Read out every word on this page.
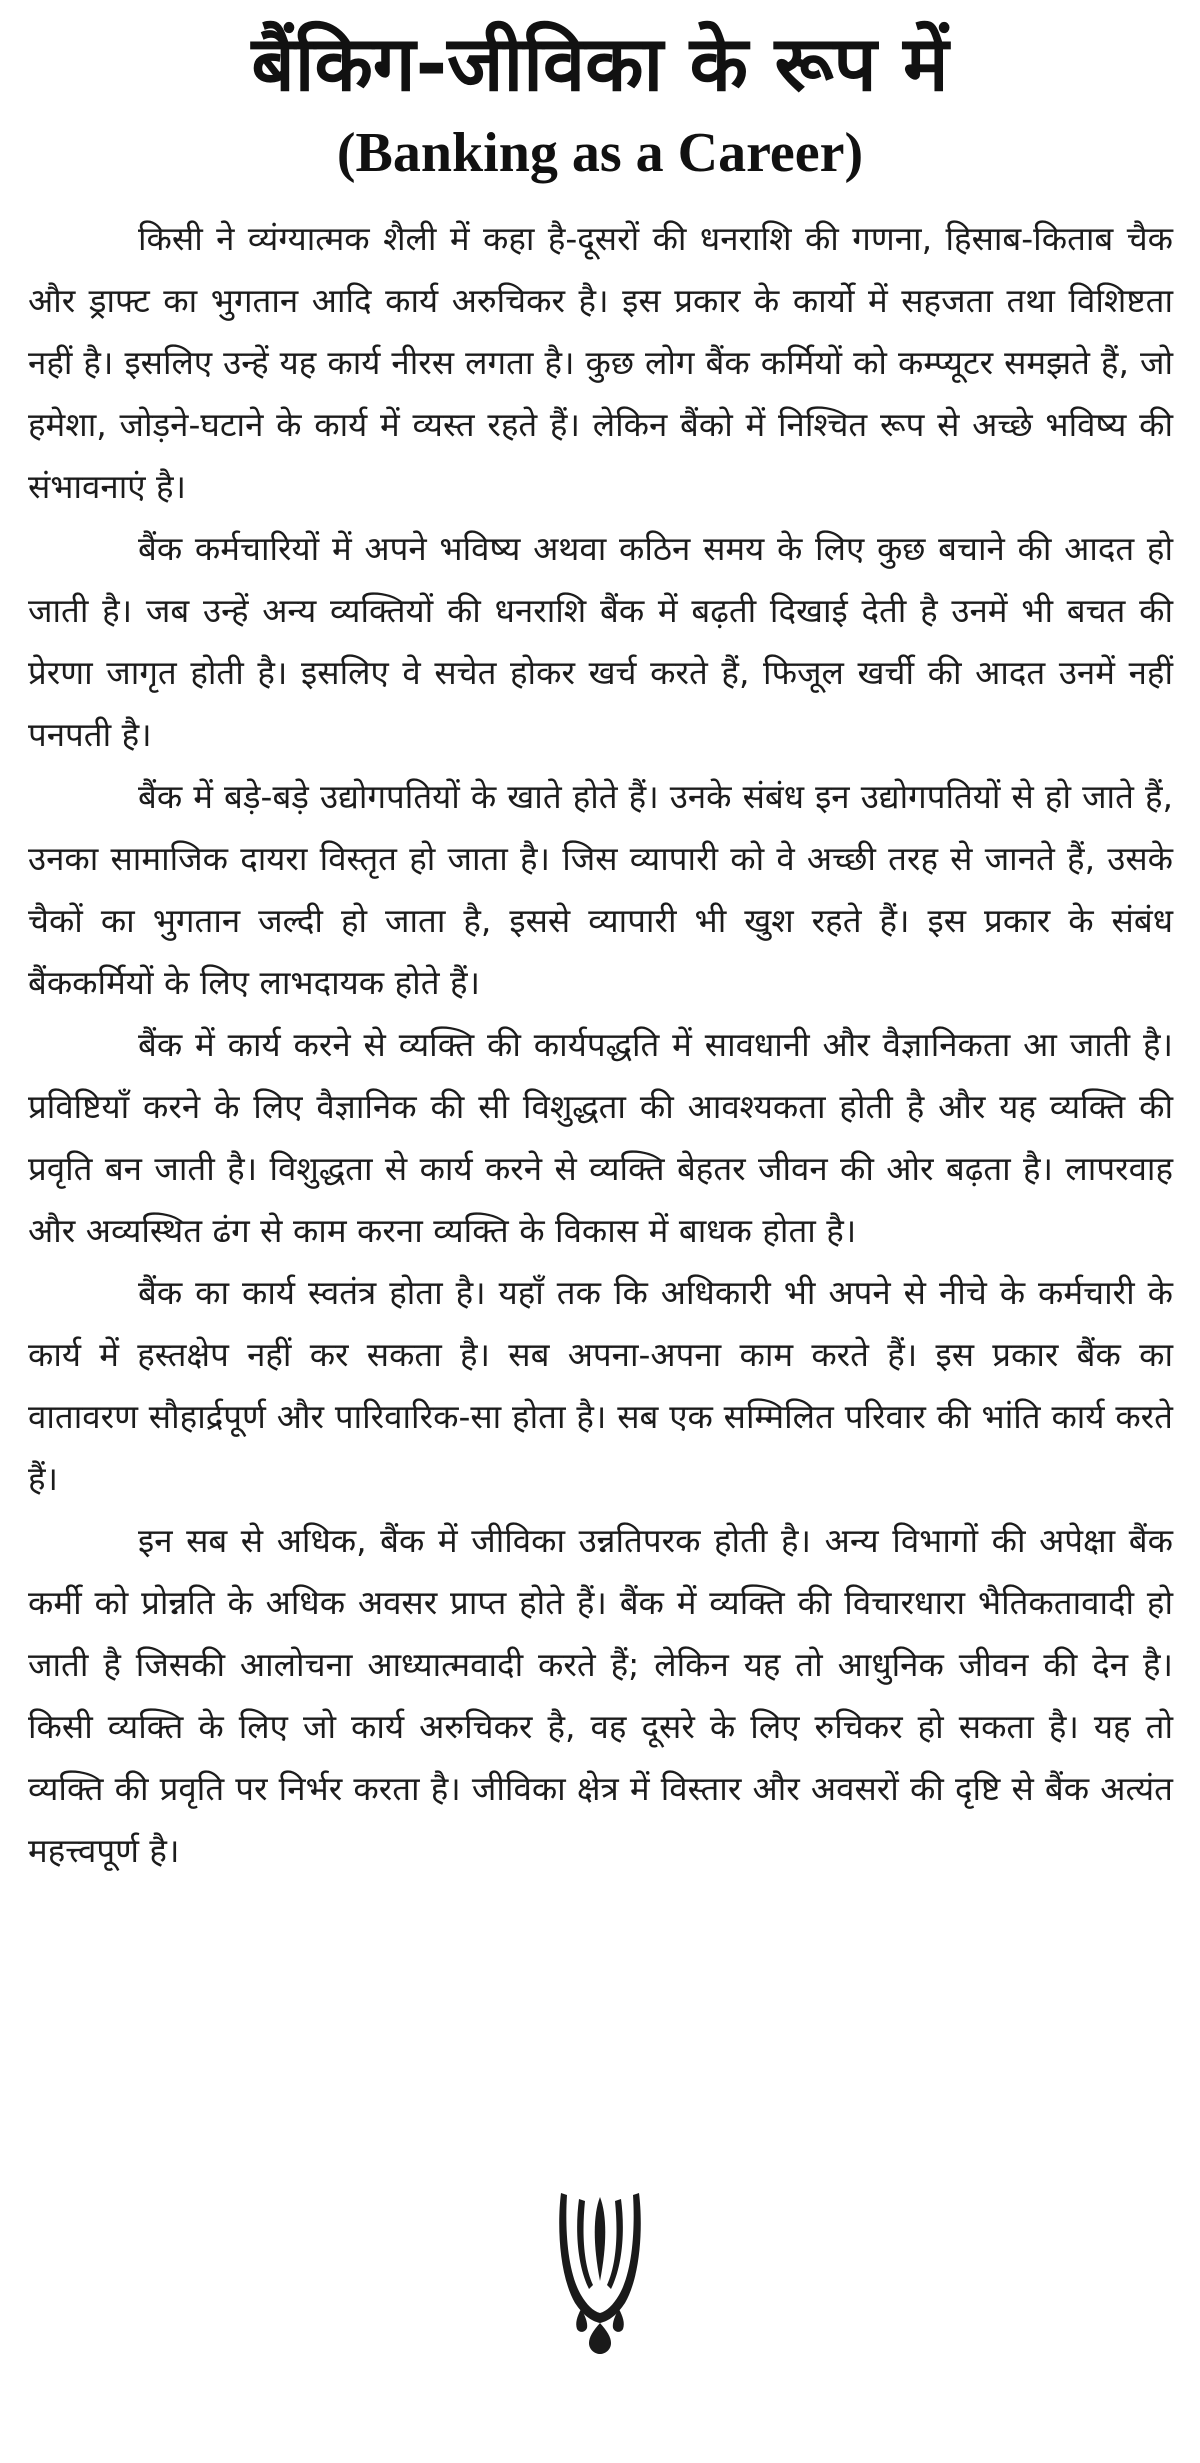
बैंकिग-जीविका के रूप में
(Banking as a Career)

किसी ने व्यंग्यात्मक शैली में कहा है-दूसरों की धनराशि की गणना, हिसाब-किताब चैक और ड्राफ्ट का भुगतान आदि कार्य अरुचिकर है। इस प्रकार के कार्यो में सहजता तथा विशिष्टता नहीं है। इसलिए उन्हें यह कार्य नीरस लगता है। कुछ लोग बैंक कर्मियों को कम्प्यूटर समझते हैं, जो हमेशा, जोड़ने-घटाने के कार्य में व्यस्त रहते हैं। लेकिन बैंको में निश्चित रूप से अच्छे भविष्य की संभावनाएं है।

बैंक कर्मचारियों में अपने भविष्य अथवा कठिन समय के लिए कुछ बचाने की आदत हो जाती है। जब उन्हें अन्य व्यक्तियों की धनराशि बैंक में बढ़ती दिखाई देती है उनमें भी बचत की प्रेरणा जागृत होती है। इसलिए वे सचेत होकर खर्च करते हैं, फिजूल खर्ची की आदत उनमें नहीं पनपती है।

बैंक में बड़े-बड़े उद्योगपतियों के खाते होते हैं। उनके संबंध इन उद्योगपतियों से हो जाते हैं, उनका सामाजिक दायरा विस्तृत हो जाता है। जिस व्यापारी को वे अच्छी तरह से जानते हैं, उसके चैकों का भुगतान जल्दी हो जाता है, इससे व्यापारी भी खुश रहते हैं। इस प्रकार के संबंध बैंककर्मियों के लिए लाभदायक होते हैं।

बैंक में कार्य करने से व्यक्ति की कार्यपद्धति में सावधानी और वैज्ञानिकता आ जाती है। प्रविष्टियाँ करने के लिए वैज्ञानिक की सी विशुद्धता की आवश्यकता होती है और यह व्यक्ति की प्रवृति बन जाती है। विशुद्धता से कार्य करने से व्यक्ति बेहतर जीवन की ओर बढ़ता है। लापरवाह और अव्यस्थित ढंग से काम करना व्यक्ति के विकास में बाधक होता है।

बैंक का कार्य स्वतंत्र होता है। यहाँ तक कि अधिकारी भी अपने से नीचे के कर्मचारी के कार्य में हस्तक्षेप नहीं कर सकता है। सब अपना-अपना काम करते हैं। इस प्रकार बैंक का वातावरण सौहार्द्रपूर्ण और पारिवारिक-सा होता है। सब एक सम्मिलित परिवार की भांति कार्य करते हैं।

इन सब से अधिक, बैंक में जीविका उन्नतिपरक होती है। अन्य विभागों की अपेक्षा बैंक कर्मी को प्रोन्नति के अधिक अवसर प्राप्त होते हैं। बैंक में व्यक्ति की विचारधारा भैतिकतावादी हो जाती है जिसकी आलोचना आध्यात्मवादी करते हैं; लेकिन यह तो आधुनिक जीवन की देन है। किसी व्यक्ति के लिए जो कार्य अरुचिकर है, वह दूसरे के लिए रुचिकर हो सकता है। यह तो व्यक्ति की प्रवृति पर निर्भर करता है। जीविका क्षेत्र में विस्तार और अवसरों की दृष्टि से बैंक अत्यंत महत्त्वपूर्ण है।
